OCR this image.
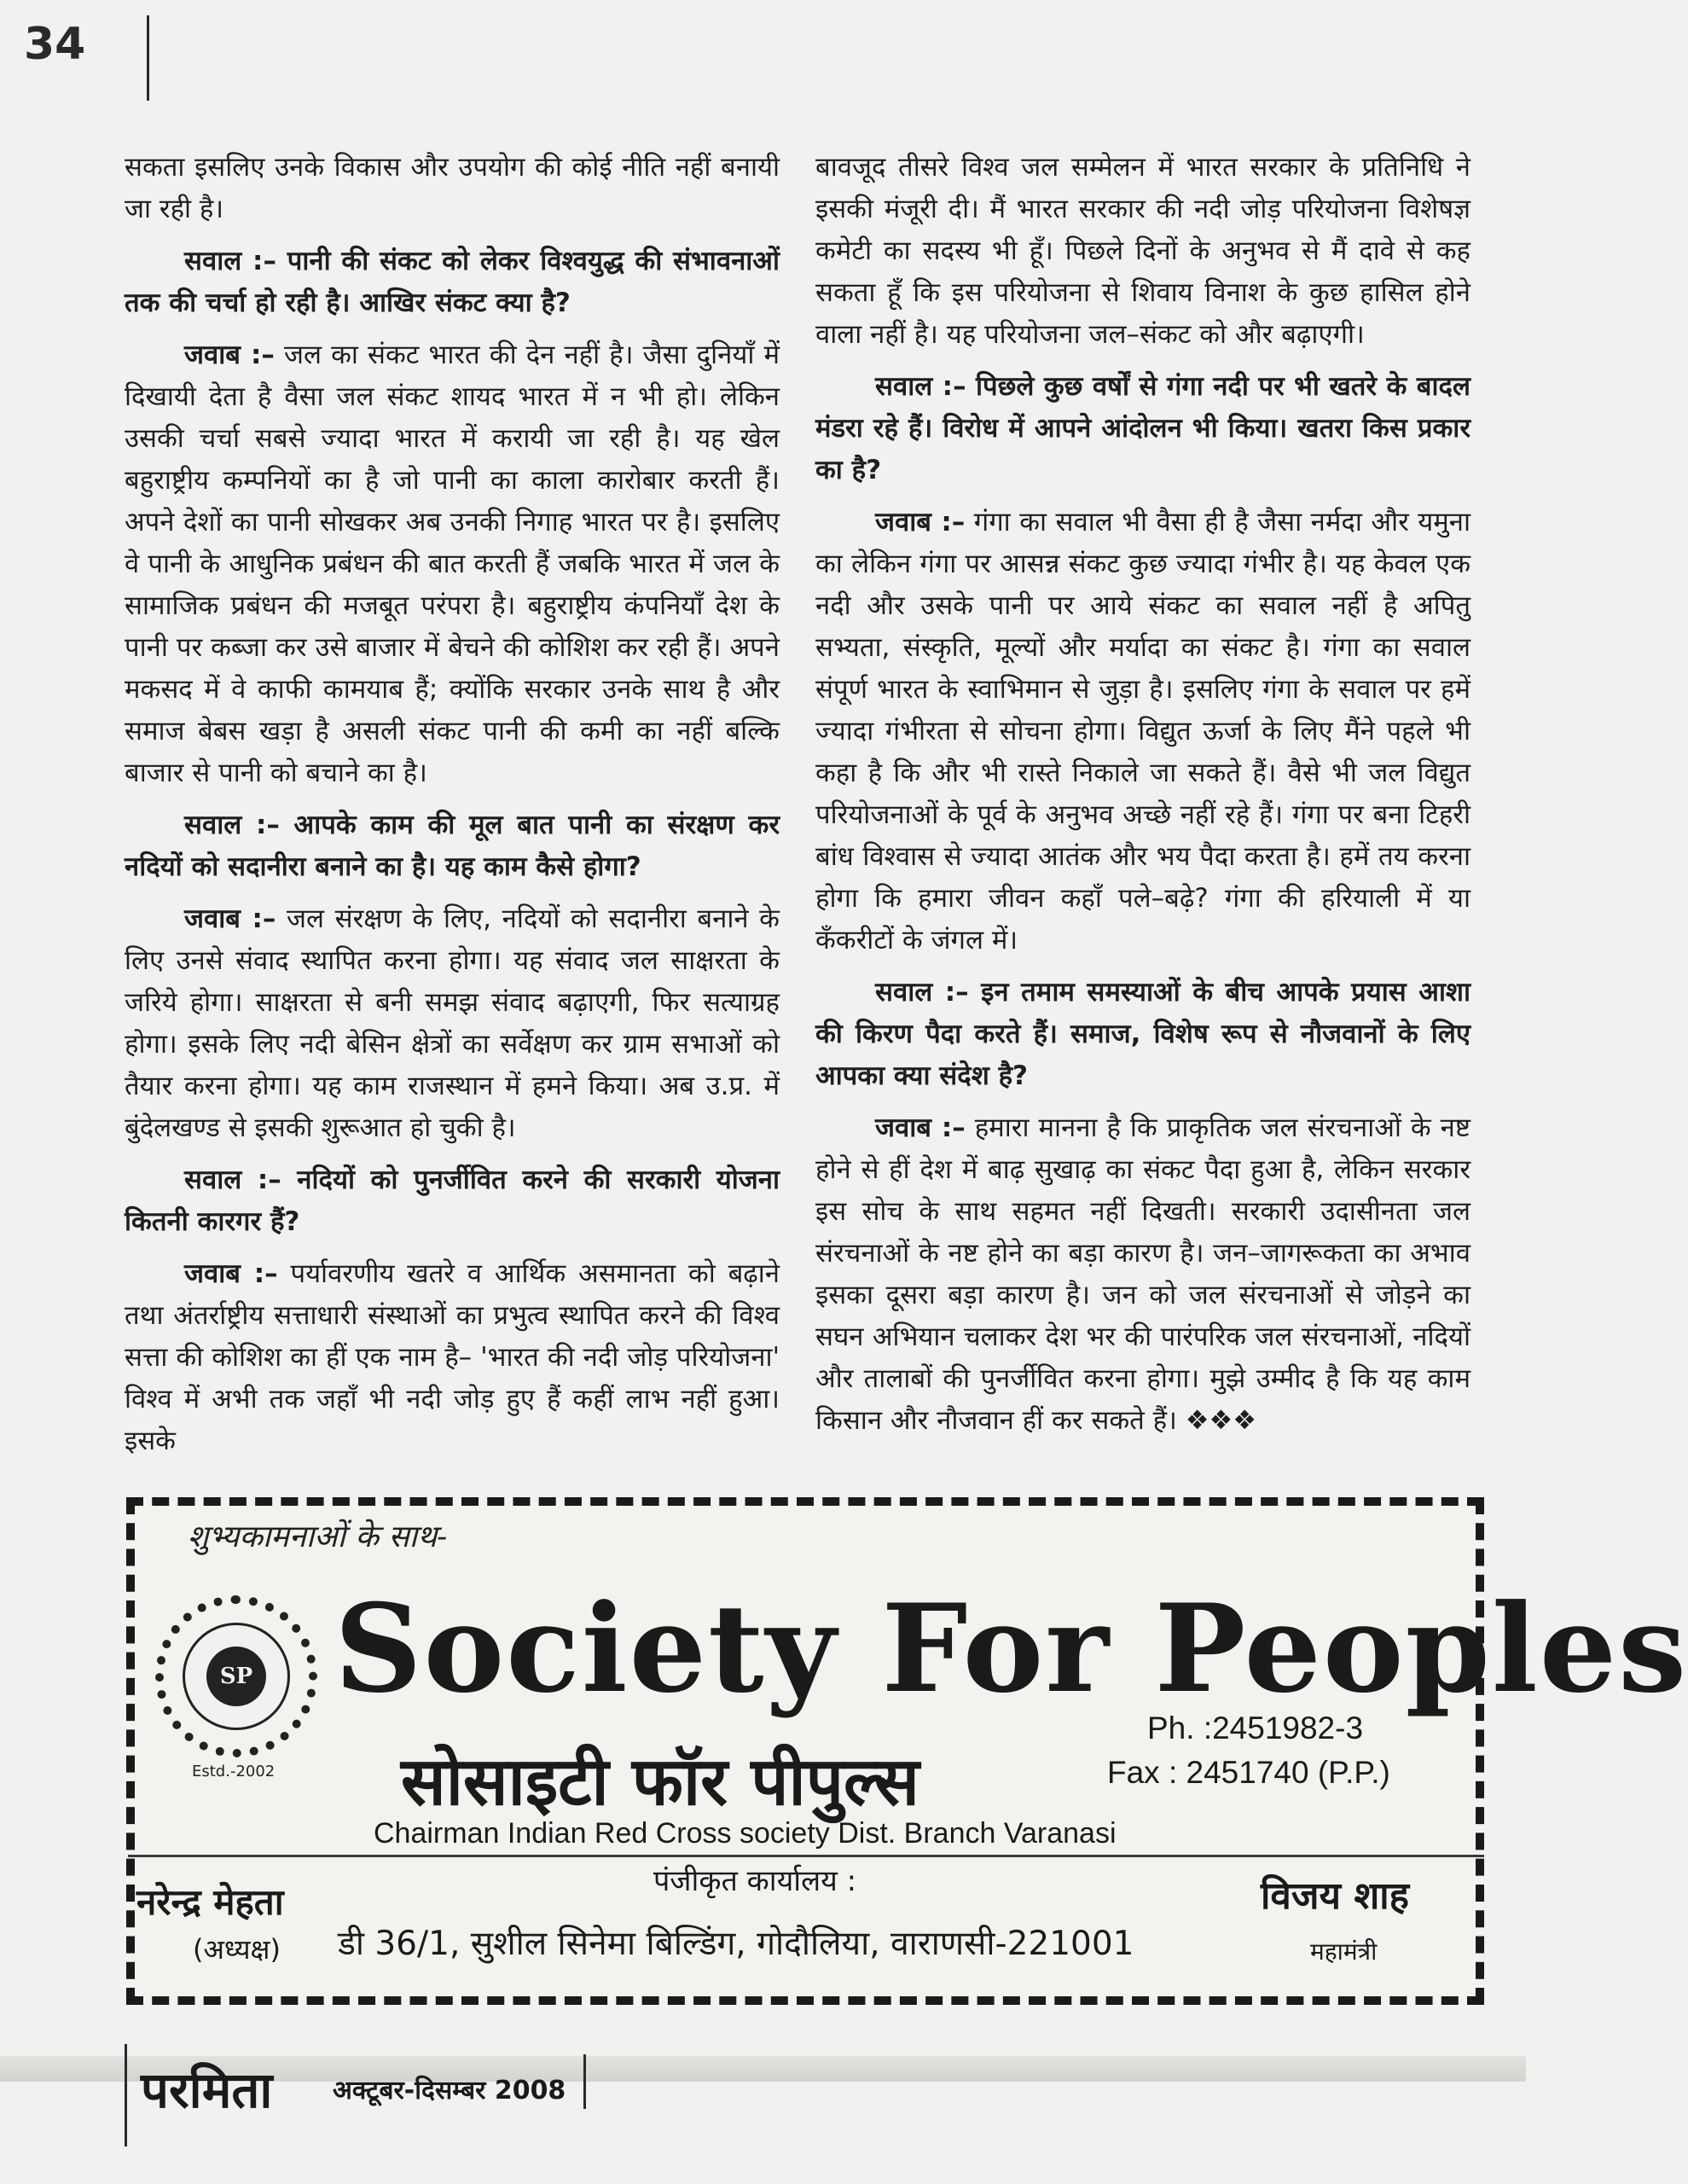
34

सकता इसलिए उनके विकास और उपयोग की कोई नीति नहीं बनायी जा रही है।

सवाल :– पानी की संकट को लेकर विश्वयुद्ध की संभावनाओं तक की चर्चा हो रही है। आखिर संकट क्या है?

जवाब :– जल का संकट भारत की देन नहीं है। जैसा दुनियाँ में दिखायी देता है वैसा जल संकट शायद भारत में न भी हो। लेकिन उसकी चर्चा सबसे ज्यादा भारत में करायी जा रही है। यह खेल बहुराष्ट्रीय कम्पनियों का है जो पानी का काला कारोबार करती हैं। अपने देशों का पानी सोखकर अब उनकी निगाह भारत पर है। इसलिए वे पानी के आधुनिक प्रबंधन की बात करती हैं जबकि भारत में जल के सामाजिक प्रबंधन की मजबूत परंपरा है। बहुराष्ट्रीय कंपनियाँ देश के पानी पर कब्जा कर उसे बाजार में बेचने की कोशिश कर रही हैं। अपने मकसद में वे काफी कामयाब हैं; क्योंकि सरकार उनके साथ है और समाज बेबस खड़ा है असली संकट पानी की कमी का नहीं बल्कि बाजार से पानी को बचाने का है।

सवाल :– आपके काम की मूल बात पानी का संरक्षण कर नदियों को सदानीरा बनाने का है। यह काम कैसे होगा?

जवाब :– जल संरक्षण के लिए, नदियों को सदानीरा बनाने के लिए उनसे संवाद स्थापित करना होगा। यह संवाद जल साक्षरता के जरिये होगा। साक्षरता से बनी समझ संवाद बढ़ाएगी, फिर सत्याग्रह होगा। इसके लिए नदी बेसिन क्षेत्रों का सर्वेक्षण कर ग्राम सभाओं को तैयार करना होगा। यह काम राजस्थान में हमने किया। अब उ.प्र. में बुंदेलखण्ड से इसकी शुरूआत हो चुकी है।

सवाल :– नदियों को पुनर्जीवित करने की सरकारी योजना कितनी कारगर हैं?

जवाब :– पर्यावरणीय खतरे व आर्थिक असमानता को बढ़ाने तथा अंतर्राष्ट्रीय सत्ताधारी संस्थाओं का प्रभुत्व स्थापित करने की विश्व सत्ता की कोशिश का हीं एक नाम है– 'भारत की नदी जोड़ परियोजना' विश्व में अभी तक जहाँ भी नदी जोड़ हुए हैं कहीं लाभ नहीं हुआ। इसके

बावजूद तीसरे विश्व जल सम्मेलन में भारत सरकार के प्रतिनिधि ने इसकी मंजूरी दी। मैं भारत सरकार की नदी जोड़ परियोजना विशेषज्ञ कमेटी का सदस्य भी हूँ। पिछले दिनों के अनुभव से मैं दावे से कह सकता हूँ कि इस परियोजना से शिवाय विनाश के कुछ हासिल होने वाला नहीं है। यह परियोजना जल–संकट को और बढ़ाएगी।

सवाल :– पिछले कुछ वर्षों से गंगा नदी पर भी खतरे के बादल मंडरा रहे हैं। विरोध में आपने आंदोलन भी किया। खतरा किस प्रकार का है?

जवाब :– गंगा का सवाल भी वैसा ही है जैसा नर्मदा और यमुना का लेकिन गंगा पर आसन्न संकट कुछ ज्यादा गंभीर है। यह केवल एक नदी और उसके पानी पर आये संकट का सवाल नहीं है अपितु सभ्यता, संस्कृति, मूल्यों और मर्यादा का संकट है। गंगा का सवाल संपूर्ण भारत के स्वाभिमान से जुड़ा है। इसलिए गंगा के सवाल पर हमें ज्यादा गंभीरता से सोचना होगा। विद्युत ऊर्जा के लिए मैंने पहले भी कहा है कि और भी रास्ते निकाले जा सकते हैं। वैसे भी जल विद्युत परियोजनाओं के पूर्व के अनुभव अच्छे नहीं रहे हैं। गंगा पर बना टिहरी बांध विश्वास से ज्यादा आतंक और भय पैदा करता है। हमें तय करना होगा कि हमारा जीवन कहाँ पले–बढ़े? गंगा की हरियाली में या कँकरीटों के जंगल में।

सवाल :– इन तमाम समस्याओं के बीच आपके प्रयास आशा की किरण पैदा करते हैं। समाज, विशेष रूप से नौजवानों के लिए आपका क्या संदेश है?

जवाब :– हमारा मानना है कि प्राकृतिक जल संरचनाओं के नष्ट होने से हीं देश में बाढ़ सुखाढ़ का संकट पैदा हुआ है, लेकिन सरकार इस सोच के साथ सहमत नहीं दिखती। सरकारी उदासीनता जल संरचनाओं के नष्ट होने का बड़ा कारण है। जन–जागरूकता का अभाव इसका दूसरा बड़ा कारण है। जन को जल संरचनाओं से जोड़ने का सघन अभियान चलाकर देश भर की पारंपरिक जल संरचनाओं, नदियों और तालाबों की पुनर्जीवित करना होगा। मुझे उम्मीद है कि यह काम किसान और नौजवान हीं कर सकते हैं। ❖❖❖

शुभ्यकामनाओं के साथ-
SP
Estd.-2002
Society For Peoples
सोसाइटी फॉर पीपुल्स
Ph. :2451982-3
Fax : 2451740 (P.P.)
Chairman Indian Red Cross society Dist. Branch Varanasi
पंजीकृत कार्यालय :
नरेन्द्र मेहता
(अध्यक्ष) डी 36/1, सुशील सिनेमा बिल्डिंग, गोदौलिया, वाराणसी-221001
विजय शाह
महामंत्री
परमिता अक्टूबर-दिसम्बर 2008
